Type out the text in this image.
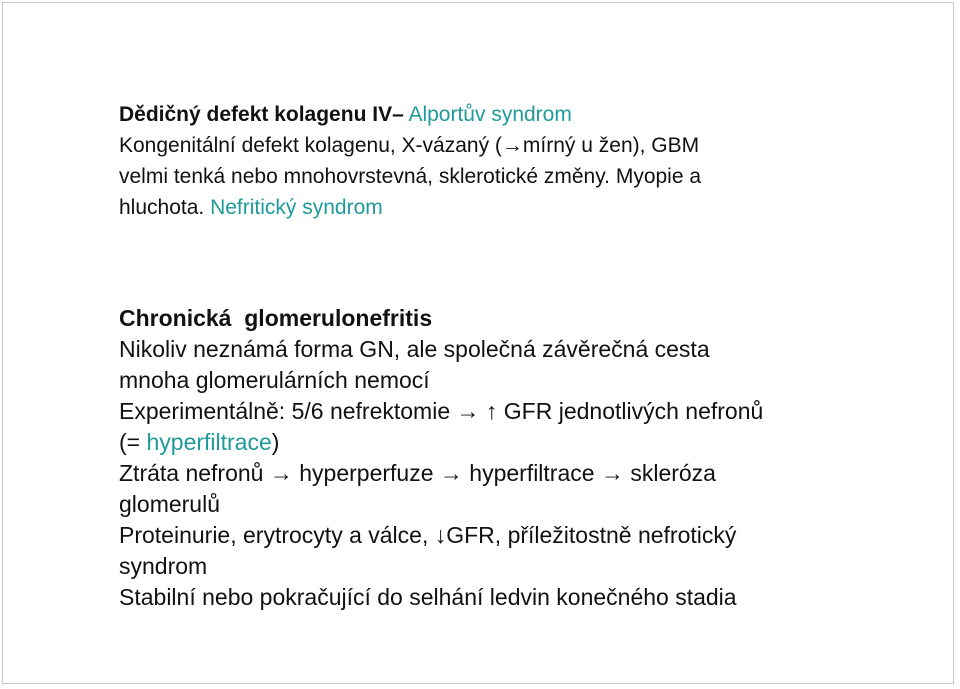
Dědičný defekt kolagenu IV– Alportův syndrom
Kongenitální defekt kolagenu, X-vázaný (→mírný u žen), GBM
velmi tenká nebo mnohovrstevná, sklerotické změny. Myopie a
hluchota. Nefritický syndrom
Chronická  glomerulonefritis
Nikoliv neznámá forma GN, ale společná závěrečná cesta
mnoha glomerulárních nemocí
Experimentálně: 5/6 nefrektomie → ↑ GFR jednotlivých nefronů
(= hyperfiltrace)
Ztráta nefronů → hyperperfuze → hyperfiltrace → skleróza
glomerulů
Proteinurie, erytrocyty a válce, ↓GFR, příležitostně nefrotický
syndrom
Stabilní nebo pokračující do selhání ledvin konečného stadia
